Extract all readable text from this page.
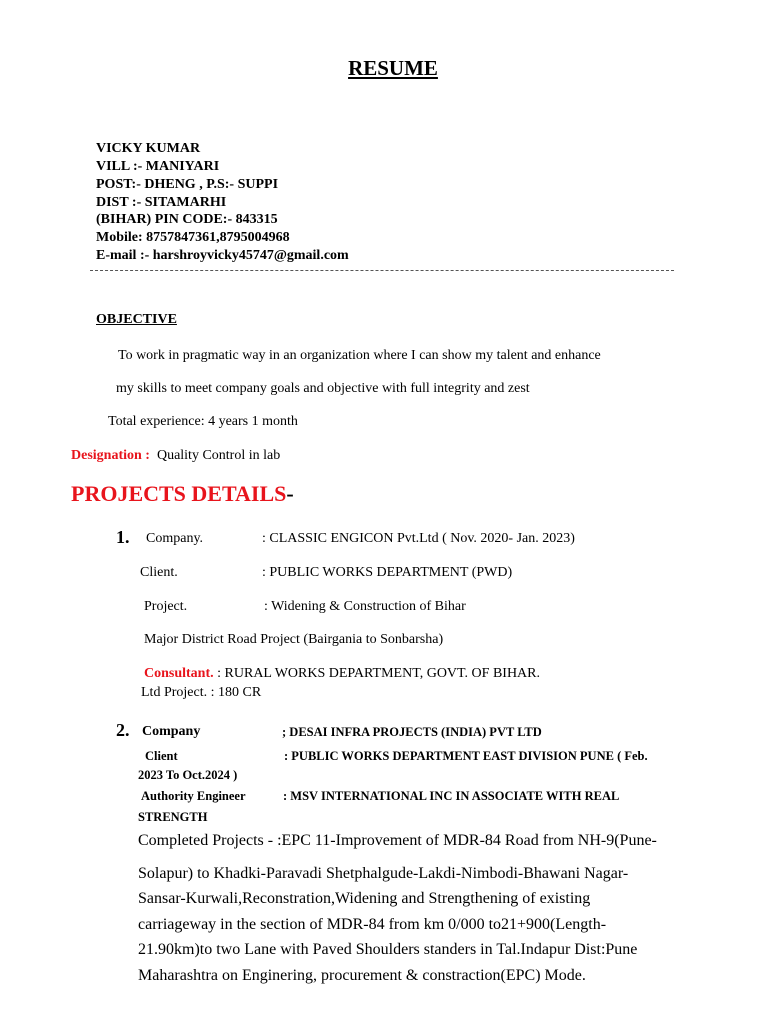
RESUME
VICKY KUMAR
VILL :- MANIYARI
POST:- DHENG , P.S:- SUPPI
DIST :- SITAMARHI
(BIHAR) PIN CODE:- 843315
Mobile: 8757847361,8795004968
E-mail :- harshroyvicky45747@gmail.com
OBJECTIVE
To work in pragmatic way in an organization where I can show my talent and enhance
my skills to meet company goals and objective with full integrity and zest
Total experience: 4 years 1 month
Designation : Quality Control in lab
PROJECTS DETAILS-
1. Company.	: CLASSIC ENGICON Pvt.Ltd ( Nov. 2020- Jan. 2023)
Client.	: PUBLIC WORKS DEPARTMENT (PWD)
Project.	: Widening & Construction of Bihar
Major District Road Project (Bairgania to Sonbarsha)
Consultant. : RURAL WORKS DEPARTMENT, GOVT. OF BIHAR.
Ltd Project. : 180 CR
2. Company	; DESAI INFRA PROJECTS (INDIA) PVT LTD
Client	: PUBLIC WORKS DEPARTMENT EAST DIVISION PUNE ( Feb.
2023 To Oct.2024 )
Authority Engineer	: MSV INTERNATIONAL INC IN ASSOCIATE WITH REAL
STRENGTH
Completed Projects - :EPC 11-Improvement of MDR-84 Road from NH-9(Pune-
Solapur) to Khadki-Paravadi Shetphalgude-Lakdi-Nimbodi-Bhawani Nagar-
Sansar-Kurwali,Reconstration,Widening and Strengthening of existing
carriageway in the section of MDR-84 from km 0/000 to21+900(Length-
21.90km)to two Lane with Paved Shoulders standers in Tal.Indapur Dist:Pune
Maharashtra on Enginering, procurement & constraction(EPC) Mode.
